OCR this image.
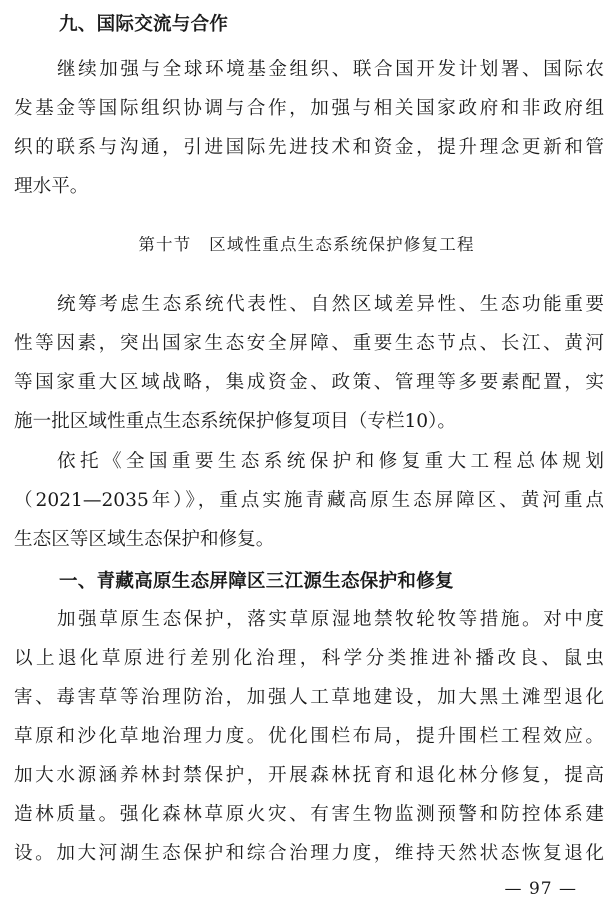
九、国际交流与合作
继续加强与全球环境基金组织、联合国开发计划署、国际农
发基金等国际组织协调与合作，加强与相关国家政府和非政府组
织的联系与沟通，引进国际先进技术和资金，提升理念更新和管
理水平。
第十节　区域性重点生态系统保护修复工程
统筹考虑生态系统代表性、自然区域差异性、生态功能重要
性等因素，突出国家生态安全屏障、重要生态节点、长江、黄河
等国家重大区域战略，集成资金、政策、管理等多要素配置，实
施一批区域性重点生态系统保护修复项目（专栏10）。
依托《全国重要生态系统保护和修复重大工程总体规划
（2021—2035年）》，重点实施青藏高原生态屏障区、黄河重点
生态区等区域生态保护和修复。
一、青藏高原生态屏障区三江源生态保护和修复
加强草原生态保护，落实草原湿地禁牧轮牧等措施。对中度
以上退化草原进行差别化治理，科学分类推进补播改良、鼠虫
害、毒害草等治理防治，加强人工草地建设，加大黑土滩型退化
草原和沙化草地治理力度。优化围栏布局，提升围栏工程效应。
加大水源涵养林封禁保护，开展森林抚育和退化林分修复，提高
造林质量。强化森林草原火灾、有害生物监测预警和防控体系建
设。加大河湖生态保护和综合治理力度，维持天然状态恢复退化
— 97 —
